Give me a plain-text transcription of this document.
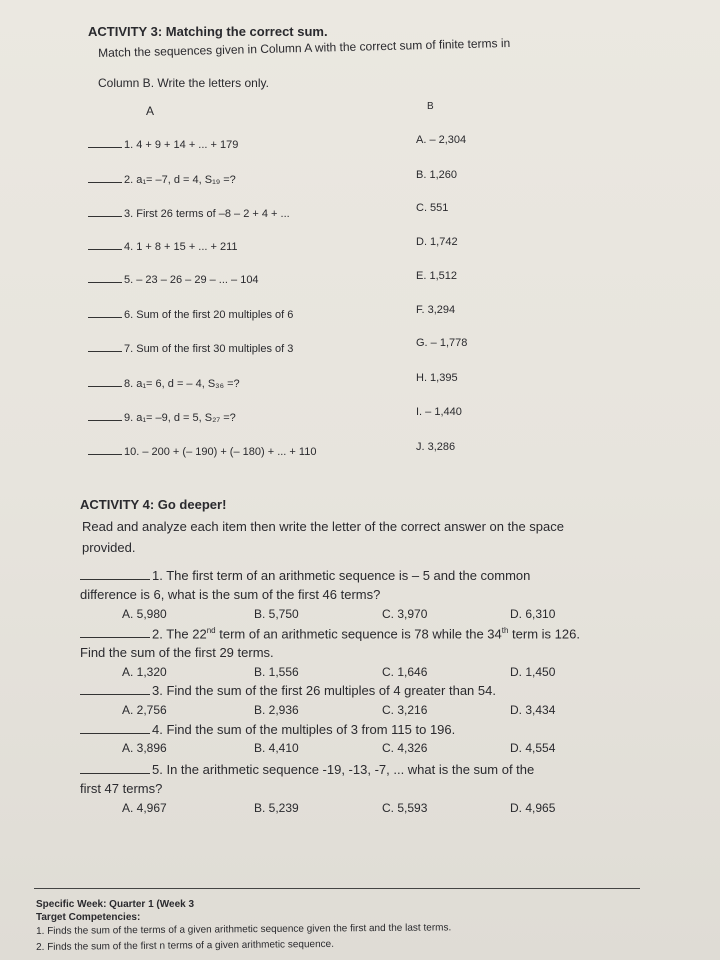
ACTIVITY 3: Matching the correct sum.
Match the sequences given in Column A with the correct sum of finite terms in
Column B. Write the letters only.
A	B
1. 4 + 9 + 14 + ... + 179	A. – 2,304
2. a₁= –7, d = 4, S₁₉ =?	B. 1,260
3. First 26 terms of –8 – 2 + 4 + ...	C. 551
4. 1 + 8 + 15 + ... + 211	D. 1,742
5. – 23 – 26 – 29 – ... – 104	E. 1,512
6. Sum of the first 20 multiples of 6	F. 3,294
7. Sum of the first 30 multiples of 3	G. – 1,778
8. a₁= 6, d = – 4, S₃₆ =?	H. 1,395
9. a₁= –9, d = 5, S₂₇ =?	I. – 1,440
10. – 200 + (– 190) + (– 180) + ... + 110	J. 3,286
ACTIVITY 4: Go deeper!
Read and analyze each item then write the letter of the correct answer on the space
provided.
1. The first term of an arithmetic sequence is – 5 and the common
difference is 6, what is the sum of the first 46 terms?
A. 5,980	B. 5,750	C. 3,970	D. 6,310
2. The 22nd term of an arithmetic sequence is 78 while the 34th term is 126.
Find the sum of the first 29 terms.
A. 1,320	B. 1,556	C. 1,646	D. 1,450
3. Find the sum of the first 26 multiples of 4 greater than 54.
A. 2,756	B. 2,936	C. 3,216	D. 3,434
4. Find the sum of the multiples of 3 from 115 to 196.
A. 3,896	B. 4,410	C. 4,326	D. 4,554
5. In the arithmetic sequence -19, -13, -7, ... what is the sum of the
first 47 terms?
A. 4,967	B. 5,239	C. 5,593	D. 4,965
Specific Week: Quarter 1 (Week 3
Target Competencies:
1. Finds the sum of the terms of a given arithmetic sequence given the first and the last terms.
2. Finds the sum of the first n terms of a given arithmetic sequence.
